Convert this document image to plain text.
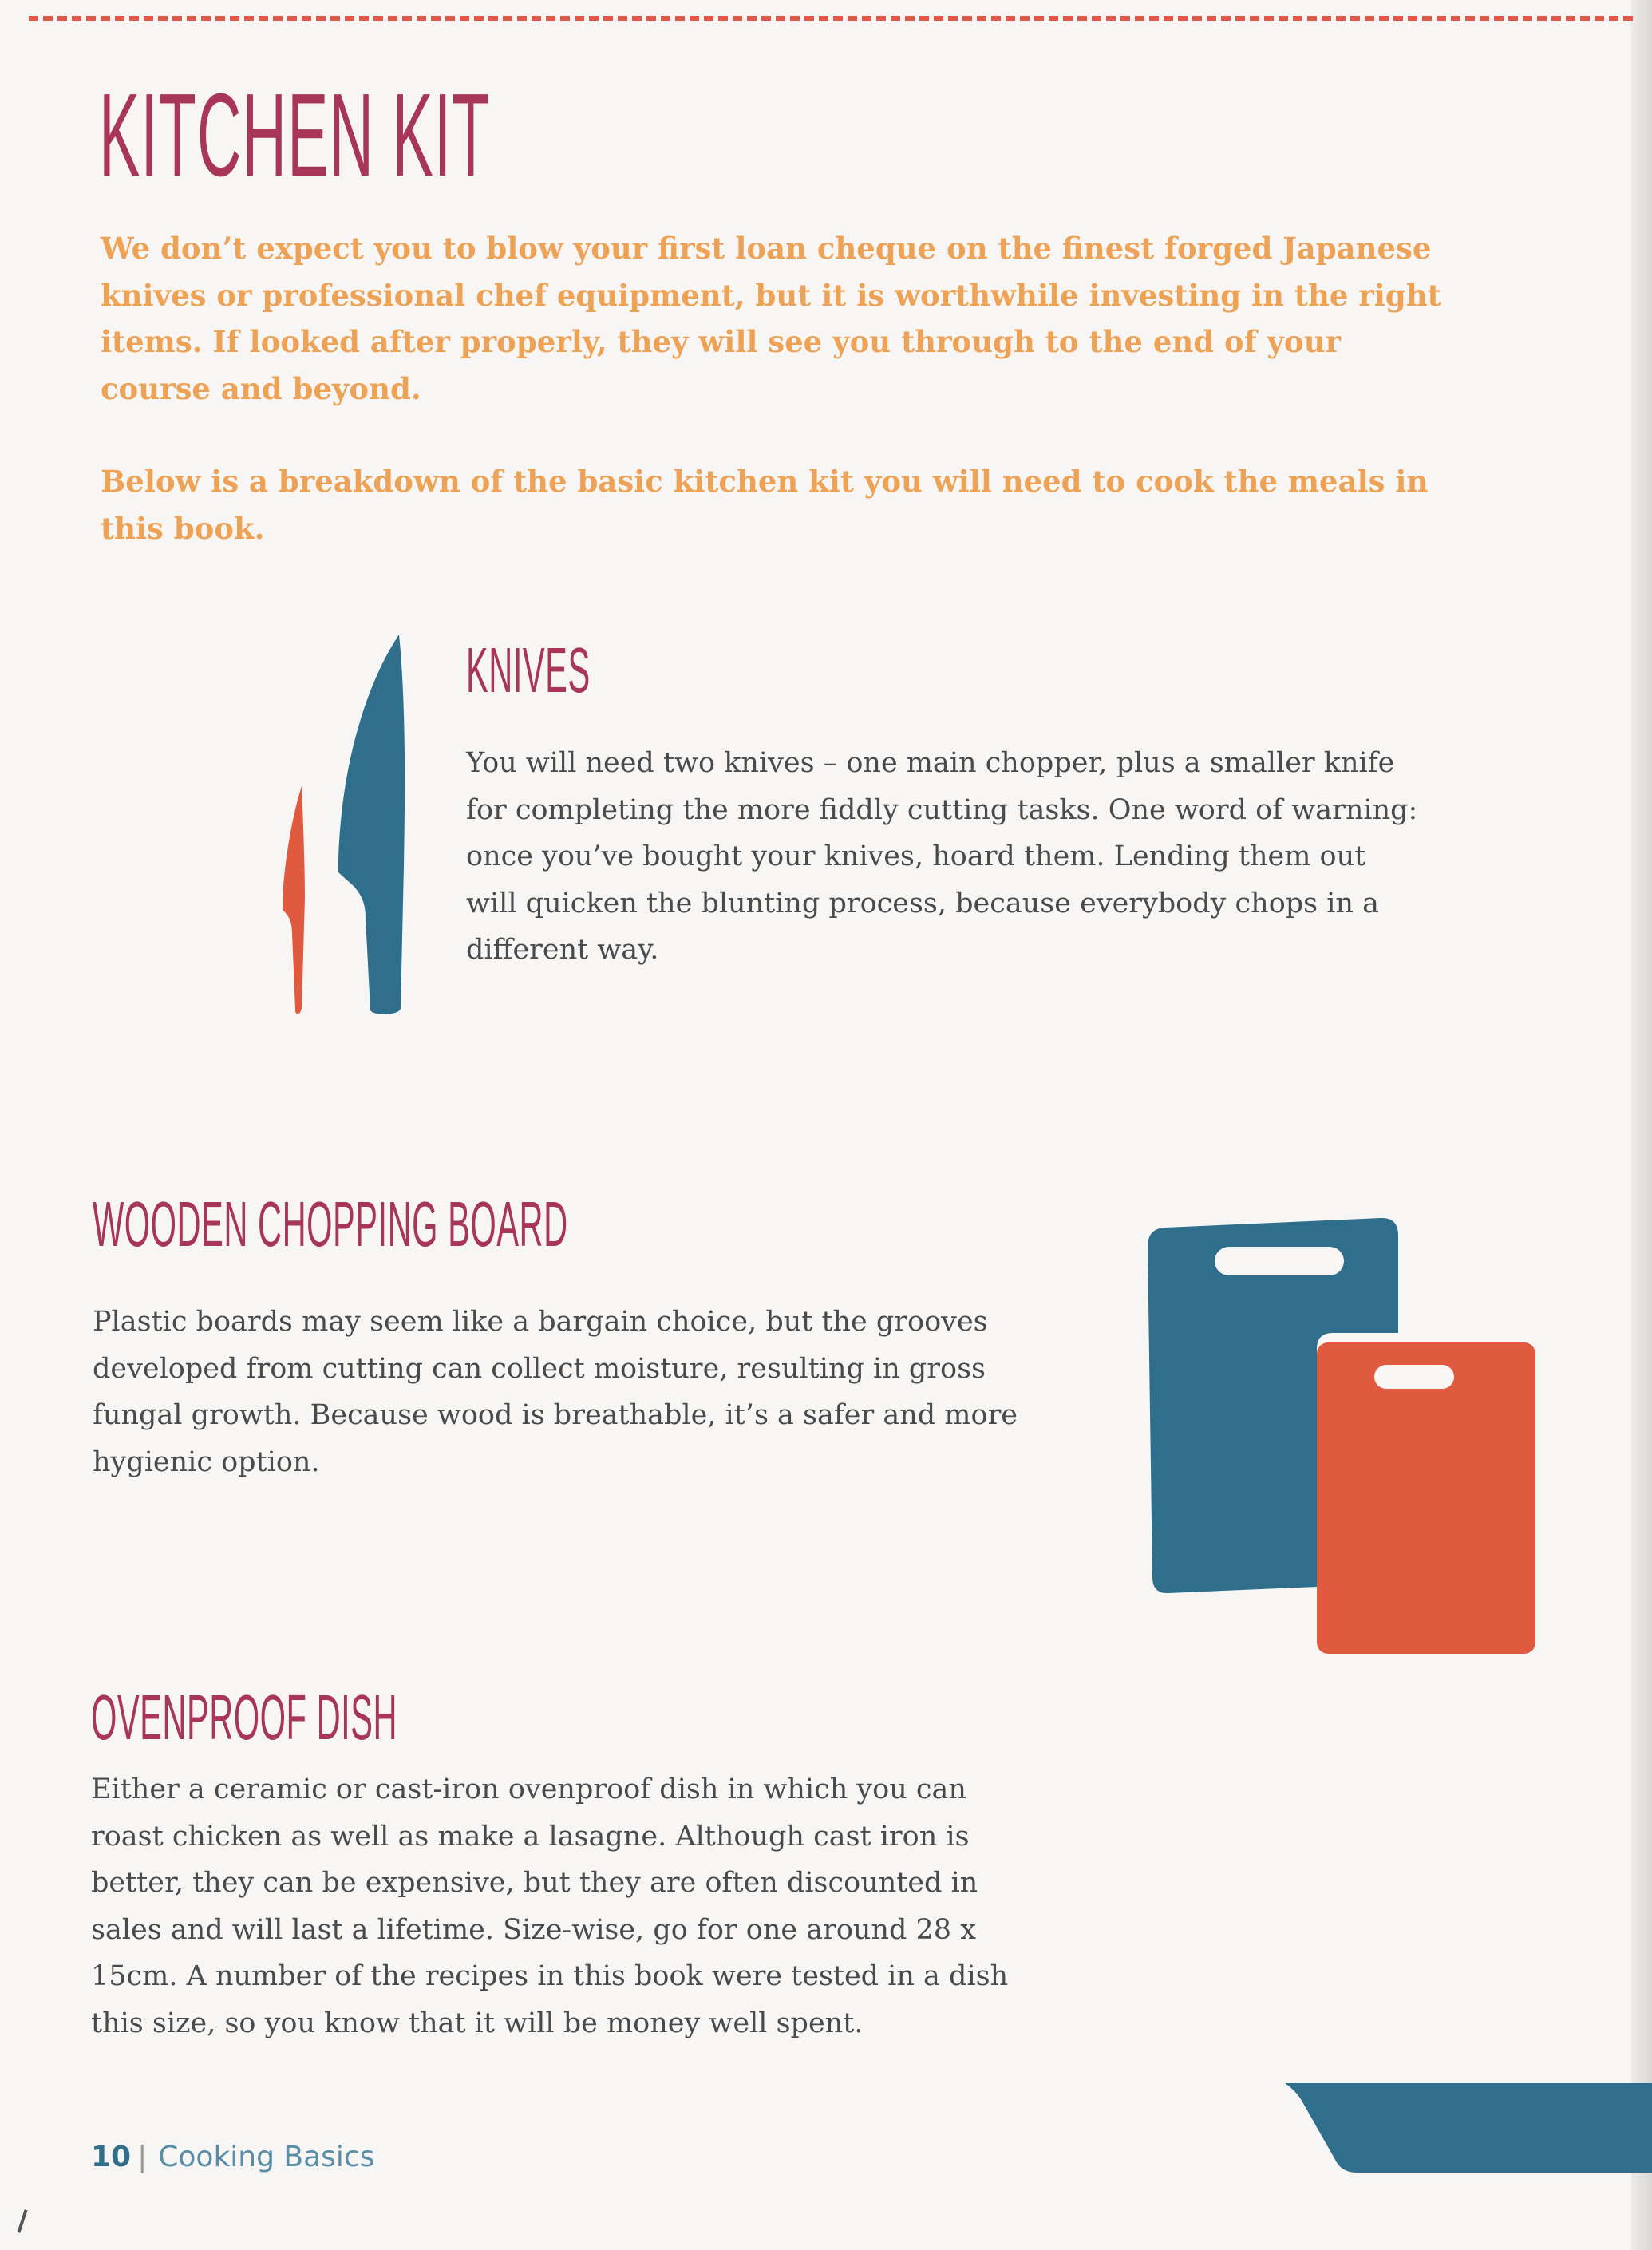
KITCHEN KIT

We don’t expect you to blow your first loan cheque on the finest forged Japanese knives or professional chef equipment, but it is worthwhile investing in the right items. If looked after properly, they will see you through to the end of your course and beyond.

Below is a breakdown of the basic kitchen kit you will need to cook the meals in this book.

KNIVES

You will need two knives – one main chopper, plus a smaller knife for completing the more fiddly cutting tasks. One word of warning: once you’ve bought your knives, hoard them. Lending them out will quicken the blunting process, because everybody chops in a different way.

WOODEN CHOPPING BOARD

Plastic boards may seem like a bargain choice, but the grooves developed from cutting can collect moisture, resulting in gross fungal growth. Because wood is breathable, it’s a safer and more hygienic option.

OVENPROOF DISH

Either a ceramic or cast-iron ovenproof dish in which you can roast chicken as well as make a lasagne. Although cast iron is better, they can be expensive, but they are often discounted in sales and will last a lifetime. Size-wise, go for one around 28 x 15cm. A number of the recipes in this book were tested in a dish this size, so you know that it will be money well spent.

10 | Cooking Basics
